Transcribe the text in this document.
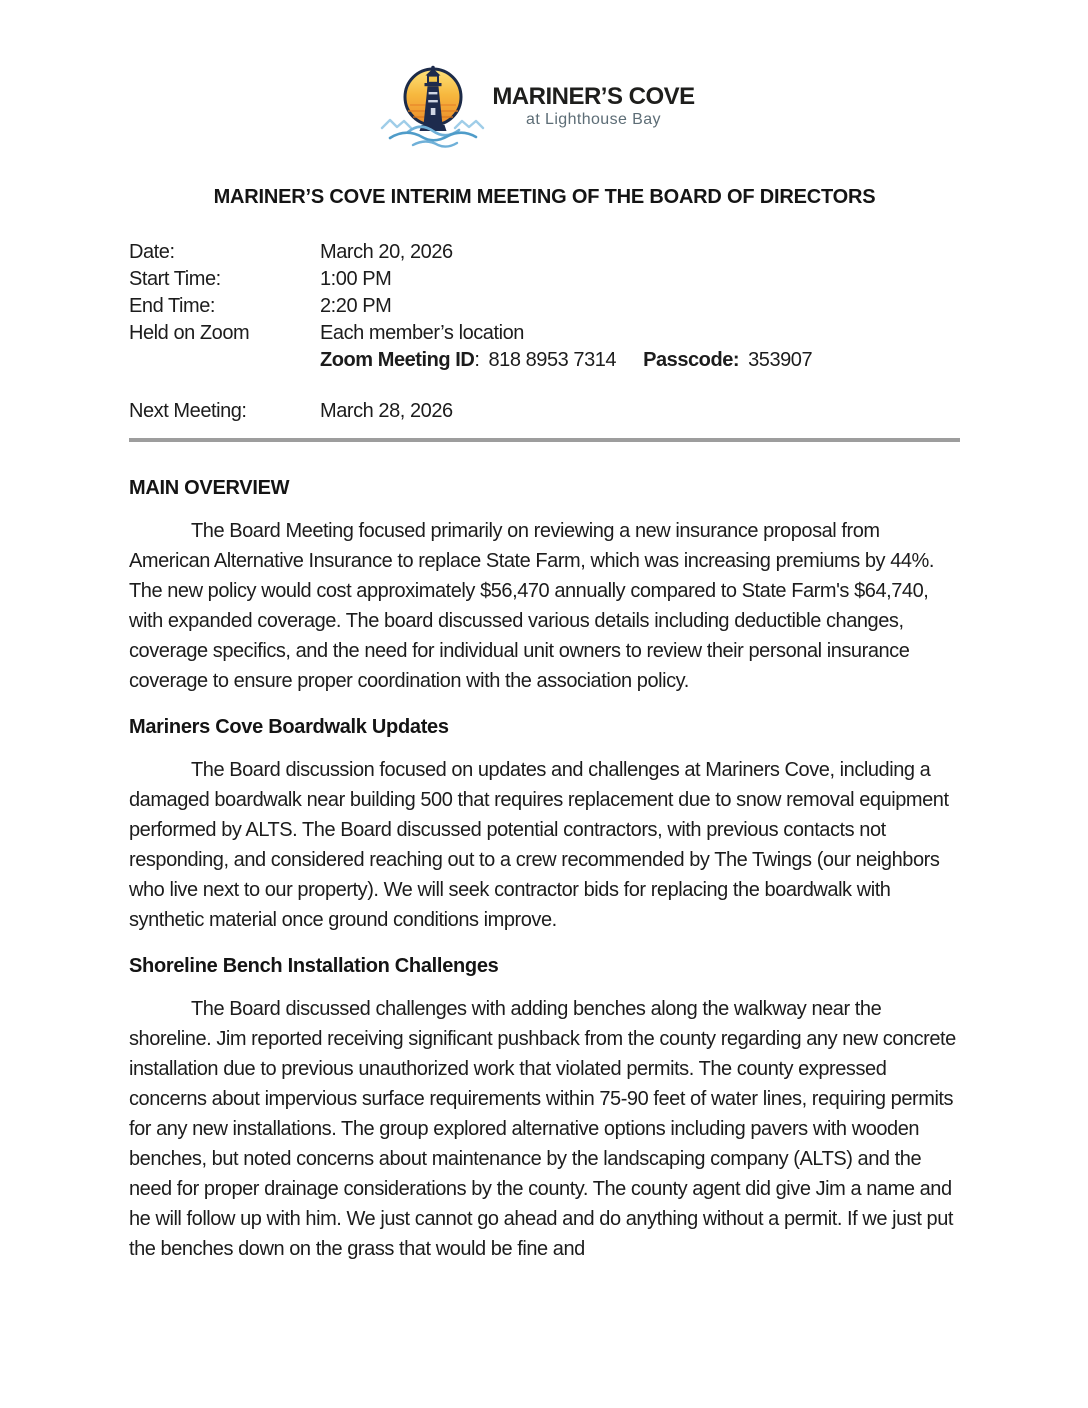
MARINER’S COVE
at Lighthouse Bay
MARINER’S COVE INTERIM MEETING OF THE BOARD OF DIRECTORS
Date:	March 20, 2026
Start Time:	1:00 PM
End Time:	2:20 PM
Held on Zoom	Each member’s location
Zoom Meeting ID: 818 8953 7314 Passcode: 353907
Next Meeting:	March 28, 2026
MAIN OVERVIEW

The Board Meeting focused primarily on reviewing a new insurance proposal from American Alternative Insurance to replace State Farm, which was increasing premiums by 44%. The new policy would cost approximately $56,470 annually compared to State Farm's $64,740, with expanded coverage. The board discussed various details including deductible changes, coverage specifics, and the need for individual unit owners to review their personal insurance coverage to ensure proper coordination with the association policy.

Mariners Cove Boardwalk Updates

The Board discussion focused on updates and challenges at Mariners Cove, including a damaged boardwalk near building 500 that requires replacement due to snow removal equipment performed by ALTS. The Board discussed potential contractors, with previous contacts not responding, and considered reaching out to a crew recommended by The Twings (our neighbors who live next to our property). We will seek contractor bids for replacing the boardwalk with synthetic material once ground conditions improve.

Shoreline Bench Installation Challenges

The Board discussed challenges with adding benches along the walkway near the shoreline. Jim reported receiving significant pushback from the county regarding any new concrete installation due to previous unauthorized work that violated permits. The county expressed concerns about impervious surface requirements within 75-90 feet of water lines, requiring permits for any new installations. The group explored alternative options including pavers with wooden benches, but noted concerns about maintenance by the landscaping company (ALTS) and the need for proper drainage considerations by the county. The county agent did give Jim a name and he will follow up with him. We just cannot go ahead and do anything without a permit. If we just put the benches down on the grass that would be fine and
